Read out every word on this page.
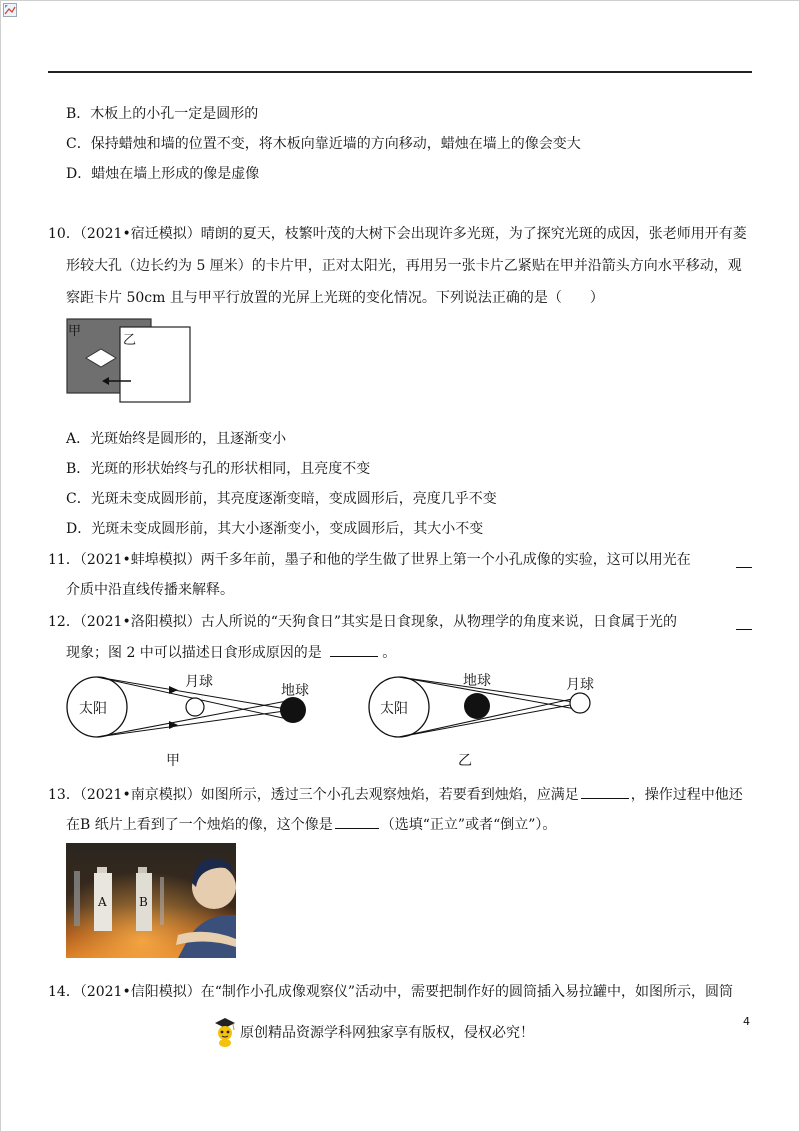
B．木板上的小孔一定是圆形的
C．保持蜡烛和墙的位置不变，将木板向靠近墙的方向移动，蜡烛在墙上的像会变大
D．蜡烛在墙上形成的像是虚像
10．（2021•宿迁模拟）晴朗的夏天，枝繁叶茂的大树下会出现许多光斑，为了探究光斑的成因，张老师用开有菱
形较大孔（边长约为 5 厘米）的卡片甲，正对太阳光，再用另一张卡片乙紧贴在甲并沿箭头方向水平移动，观
察距卡片 50cm 且与甲平行放置的光屏上光斑的变化情况。下列说法正确的是（　　）
甲
乙
A．光斑始终是圆形的，且逐渐变小
B．光斑的形状始终与孔的形状相同，且亮度不变
C．光斑未变成圆形前，其亮度逐渐变暗，变成圆形后，亮度几乎不变
D．光斑未变成圆形前，其大小逐渐变小，变成圆形后，其大小不变
11．（2021•蚌埠模拟）两千多年前，墨子和他的学生做了世界上第一个小孔成像的实验，这可以用光在
介质中沿直线传播来解释。
12．（2021•洛阳模拟）古人所说的“天狗食日”其实是日食现象，从物理学的角度来说，日食属于光的
现象；图 2 中可以描述日食形成原因的是	。
太阳
月球
地球
甲
太阳
地球	月球
乙
13．（2021•南京模拟）如图所示，透过三个小孔去观察烛焰，若要看到烛焰，应满足	，操作过程中他还
在B 纸片上看到了一个烛焰的像，这个像是	（选填“正立”或者“倒立”）。
A	B
14．（2021•信阳模拟）在“制作小孔成像观察仪”活动中，需要把制作好的圆筒插入易拉罐中，如图所示，圆筒
4
原创精品资源学科网独家享有版权，侵权必究！
